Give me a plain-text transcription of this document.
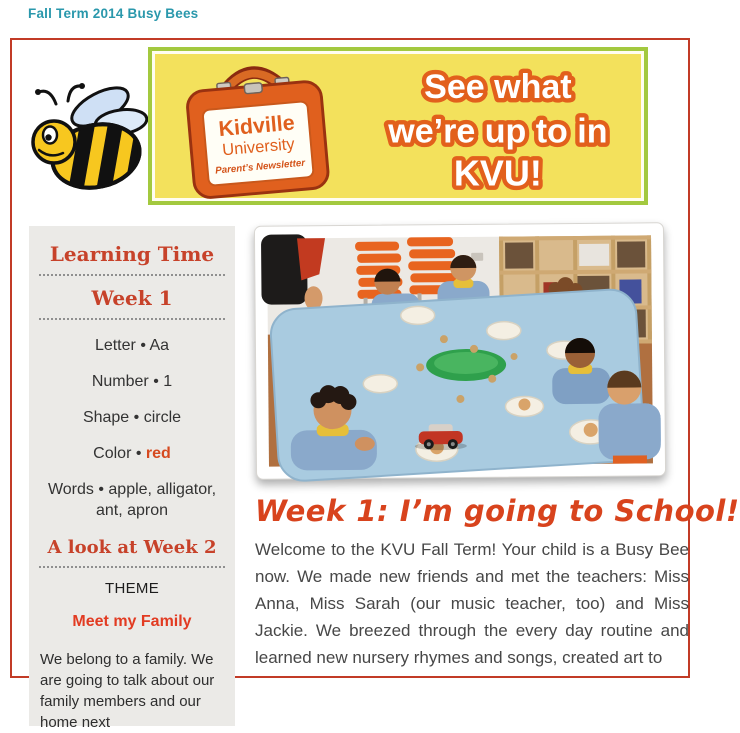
Fall Term 2014 Busy Bees
Kidville
University
Parent’s Newsletter
See what
we’re up to in
KVU!
Learning Time
Week 1
Letter • Aa
Number • 1
Shape • circle
Color • red
Words • apple, alligator, ant, apron
A look at Week 2
THEME
Meet my Family

We belong to a family. We are going to talk about our family members and our home next

Week 1: I’m going to School!

Welcome to the KVU Fall Term! Your child is a Busy Bee now. We made new friends and met the teachers: Miss Anna, Miss Sarah (our music teacher, too) and Miss Jackie. We breezed through the every day routine and learned new nursery rhymes and songs, created art to
